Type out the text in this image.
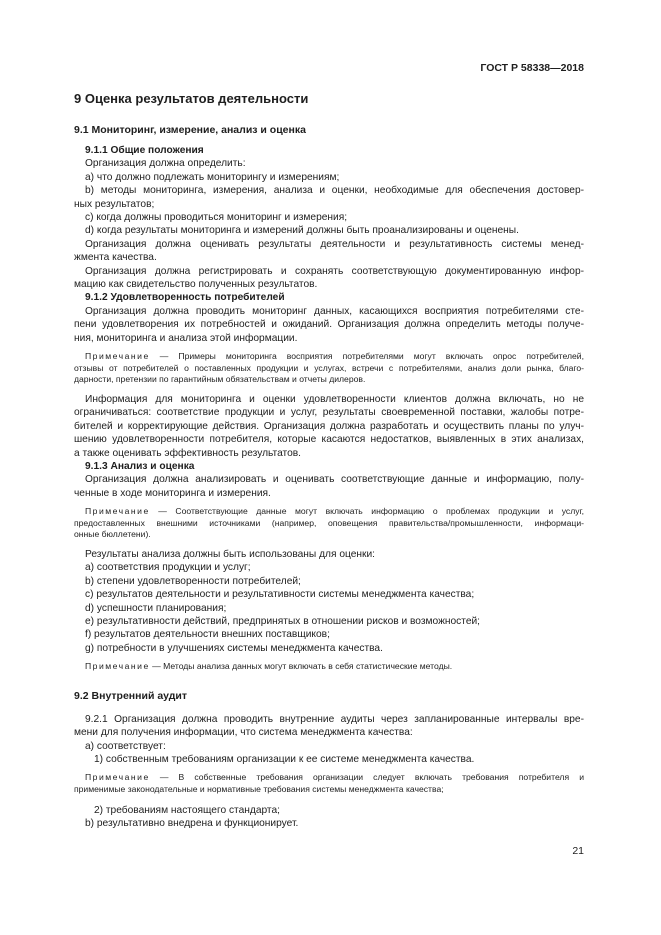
ГОСТ Р 58338—2018
9 Оценка результатов деятельности
9.1 Мониторинг, измерение, анализ и оценка
9.1.1 Общие положения

Организация должна определить:

a) что должно подлежать мониторингу и измерениям;

b) методы мониторинга, измерения, анализа и оценки, необходимые для обеспечения достовер-

ных результатов;

c) когда должны проводиться мониторинг и измерения;

d) когда результаты мониторинга и измерений должны быть проанализированы и оценены.

Организация должна оценивать результаты деятельности и результативность системы менед-

жмента качества.

Организация должна регистрировать и сохранять соответствующую документированную инфор-

мацию как свидетельство полученных результатов.

9.1.2 Удовлетворенность потребителей

Организация должна проводить мониторинг данных, касающихся восприятия потребителями сте-

пени удовлетворения их потребностей и ожиданий. Организация должна определить методы получе-

ния, мониторинга и анализа этой информации.

Примечание — Примеры мониторинга восприятия потребителями могут включать опрос потребителей,

отзывы от потребителей о поставленных продукции и услугах, встречи с потребителями, анализ доли рынка, благо-

дарности, претензии по гарантийным обязательствам и отчеты дилеров.

Информация для мониторинга и оценки удовлетворенности клиентов должна включать, но не

ограничиваться: соответствие продукции и услуг, результаты своевременной поставки, жалобы потре-

бителей и корректирующие действия. Организация должна разработать и осуществить планы по улуч-

шению удовлетворенности потребителя, которые касаются недостатков, выявленных в этих анализах,

а также оценивать эффективность результатов.

9.1.3 Анализ и оценка

Организация должна анализировать и оценивать соответствующие данные и информацию, полу-

ченные в ходе мониторинга и измерения.

Примечание — Соответствующие данные могут включать информацию о проблемах продукции и услуг,

предоставленных внешними источниками (например, оповещения правительства/промышленности, информаци-

онные бюллетени).

Результаты анализа должны быть использованы для оценки:

a) соответствия продукции и услуг;

b) степени удовлетворенности потребителей;

c) результатов деятельности и результативности системы менеджмента качества;

d) успешности планирования;

e) результативности действий, предпринятых в отношении рисков и возможностей;

f) результатов деятельности внешних поставщиков;

g) потребности в улучшениях системы менеджмента качества.

Примечание — Методы анализа данных могут включать в себя статистические методы.

9.2 Внутренний аудит

9.2.1 Организация должна проводить внутренние аудиты через запланированные интервалы вре-

мени для получения информации, что система менеджмента качества:

a) соответствует:

1) собственным требованиям организации к ее системе менеджмента качества.

Примечание — В собственные требования организации следует включать требования потребителя и

применимые законодательные и нормативные требования системы менеджмента качества;

2) требованиям настоящего стандарта;

b) результативно внедрена и функционирует.

21
